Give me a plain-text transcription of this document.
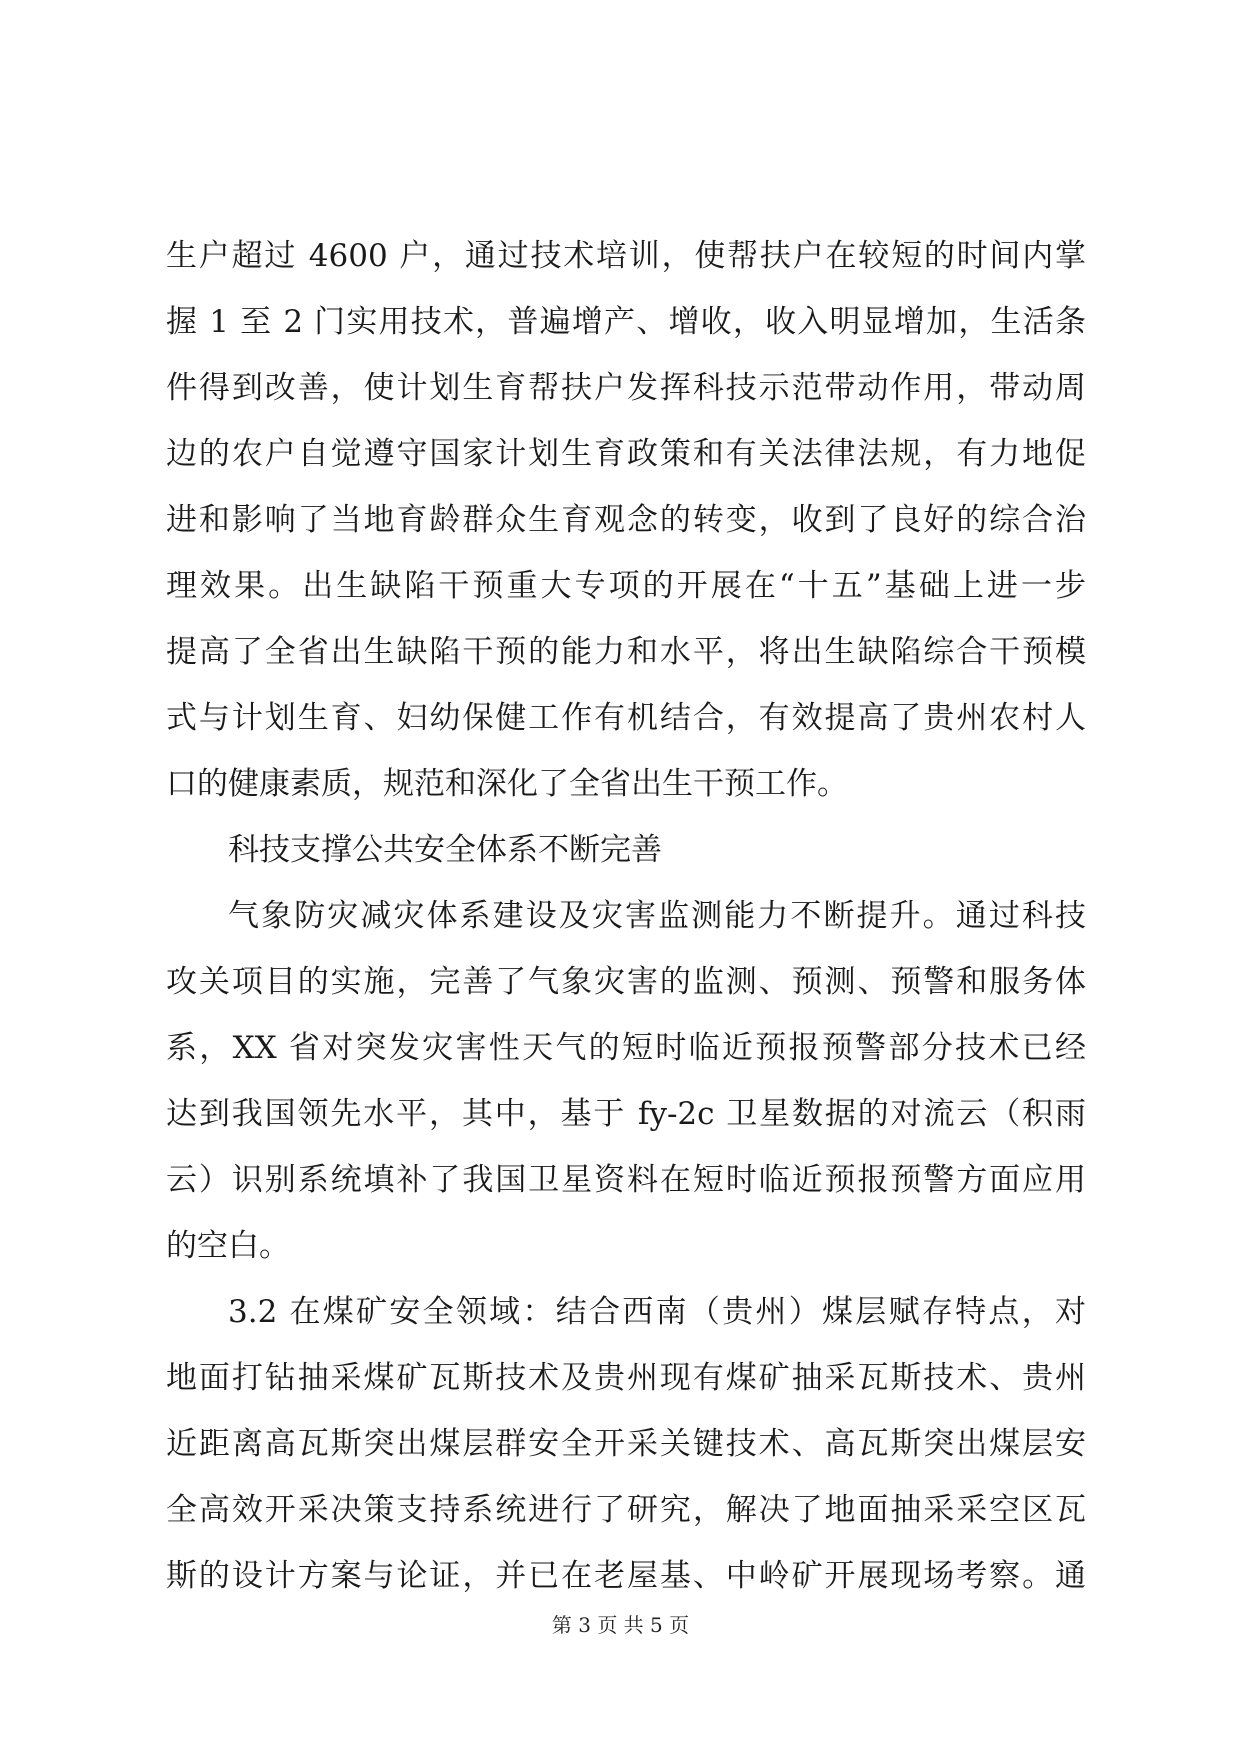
生户超过 4600 户，通过技术培训，使帮扶户在较短的时间内掌
握 1 至 2 门实用技术，普遍增产、增收，收入明显增加，生活条
件得到改善，使计划生育帮扶户发挥科技示范带动作用，带动周
边的农户自觉遵守国家计划生育政策和有关法律法规，有力地促
进和影响了当地育龄群众生育观念的转变，收到了良好的综合治
理效果。出生缺陷干预重大专项的开展在“十五”基础上进一步
提高了全省出生缺陷干预的能力和水平，将出生缺陷综合干预模
式与计划生育、妇幼保健工作有机结合，有效提高了贵州农村人
口的健康素质，规范和深化了全省出生干预工作。
科技支撑公共安全体系不断完善
气象防灾减灾体系建设及灾害监测能力不断提升。通过科技
攻关项目的实施，完善了气象灾害的监测、预测、预警和服务体
系，XX 省对突发灾害性天气的短时临近预报预警部分技术已经
达到我国领先水平，其中，基于 fy-2c 卫星数据的对流云（积雨
云）识别系统填补了我国卫星资料在短时临近预报预警方面应用
的空白。
3.2 在煤矿安全领域：结合西南（贵州）煤层赋存特点，对
地面打钻抽采煤矿瓦斯技术及贵州现有煤矿抽采瓦斯技术、贵州
近距离高瓦斯突出煤层群安全开采关键技术、高瓦斯突出煤层安
全高效开采决策支持系统进行了研究，解决了地面抽采采空区瓦
斯的设计方案与论证，并已在老屋基、中岭矿开展现场考察。通
第 3 页 共 5 页
